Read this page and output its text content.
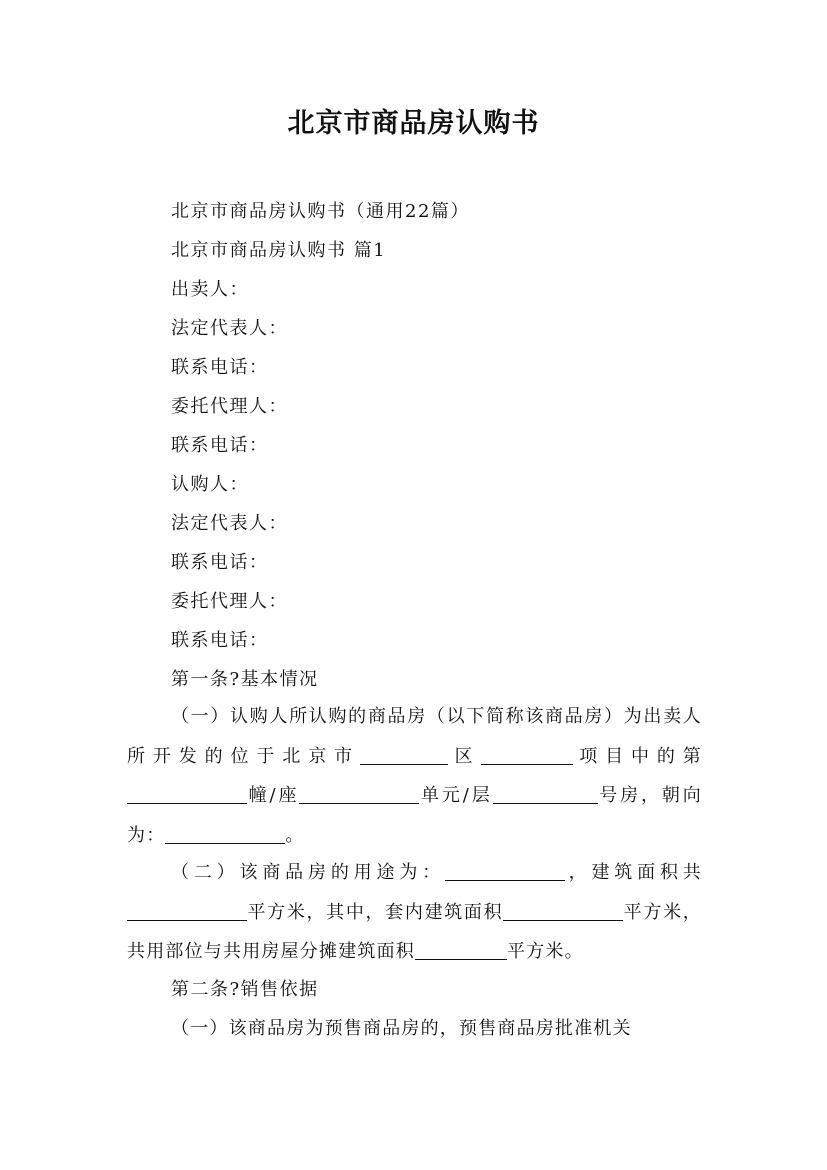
北京市商品房认购书
北京市商品房认购书（通用22篇）
北京市商品房认购书 篇1
出卖人：
法定代表人：
联系电话：
委托代理人：
联系电话：
认购人：
法定代表人：
联系电话：
委托代理人：
联系电话：
第一条?基本情况
（一）认购人所认购的商品房（以下简称该商品房）为出卖人所开发的位于北京市	区	项目中的第幢/座	单元/层	号房，朝向为：	。
（二）该商品房的用途为：	，建筑面积共平方米，其中，套内建筑面积	平方米，共用部位与共用房屋分摊建筑面积	平方米。
第二条?销售依据
（一）该商品房为预售商品房的，预售商品房批准机关
